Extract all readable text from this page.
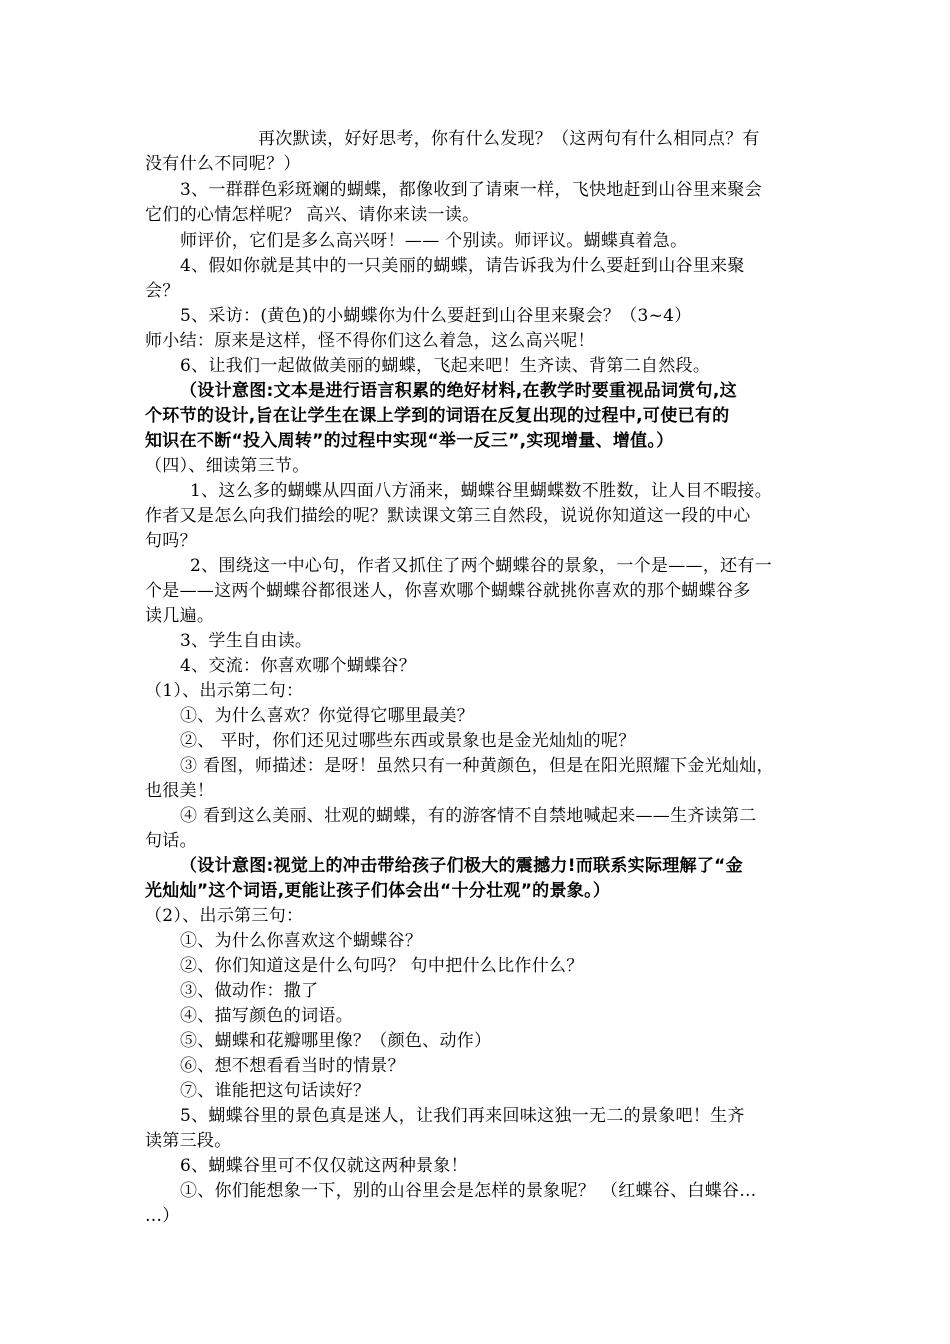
再次默读，好好思考，你有什么发现？（这两句有什么相同点？有
没有什么不同呢？）
3、一群群色彩斑斓的蝴蝶，都像收到了请柬一样，飞快地赶到山谷里来聚会
它们的心情怎样呢？ 高兴、请你来读一读。
师评价，它们是多么高兴呀！—— 个别读。师评议。蝴蝶真着急。
4、假如你就是其中的一只美丽的蝴蝶，请告诉我为什么要赶到山谷里来聚
会？
5、采访：(黄色)的小蝴蝶你为什么要赶到山谷里来聚会？（3~4）
师小结：原来是这样，怪不得你们这么着急，这么高兴呢！
6、让我们一起做做美丽的蝴蝶，飞起来吧！生齐读、背第二自然段。
（设计意图:文本是进行语言积累的绝好材料,在教学时要重视品词赏句,这
个环节的设计,旨在让学生在课上学到的词语在反复出现的过程中,可使已有的
知识在不断“投入周转”的过程中实现“举一反三”,实现增量、增值。）
（四）、细读第三节。
1、这么多的蝴蝶从四面八方涌来，蝴蝶谷里蝴蝶数不胜数，让人目不暇接。
作者又是怎么向我们描绘的呢？默读课文第三自然段，说说你知道这一段的中心
句吗？
2、围绕这一中心句，作者又抓住了两个蝴蝶谷的景象，一个是——，还有一
个是——这两个蝴蝶谷都很迷人，你喜欢哪个蝴蝶谷就挑你喜欢的那个蝴蝶谷多
读几遍。
3、学生自由读。
4、交流：你喜欢哪个蝴蝶谷？
（1）、出示第二句：
①、为什么喜欢？你觉得它哪里最美？
②、 平时，你们还见过哪些东西或景象也是金光灿灿的呢？
③ 看图，师描述：是呀！虽然只有一种黄颜色，但是在阳光照耀下金光灿灿，
也很美！
④ 看到这么美丽、壮观的蝴蝶，有的游客情不自禁地喊起来——生齐读第二
句话。
（设计意图:视觉上的冲击带给孩子们极大的震撼力!而联系实际理解了“金
光灿灿”这个词语,更能让孩子们体会出“十分壮观”的景象。）
（2）、出示第三句：
①、为什么你喜欢这个蝴蝶谷？
②、你们知道这是什么句吗？ 句中把什么比作什么？
③、做动作：撒了
④、描写颜色的词语。
⑤、蝴蝶和花瓣哪里像？（颜色、动作）
⑥、想不想看看当时的情景？
⑦、谁能把这句话读好？
5、蝴蝶谷里的景色真是迷人，让我们再来回味这独一无二的景象吧！生齐
读第三段。
6、蝴蝶谷里可不仅仅就这两种景象！
①、你们能想象一下，别的山谷里会是怎样的景象呢？ （红蝶谷、白蝶谷…
…）
